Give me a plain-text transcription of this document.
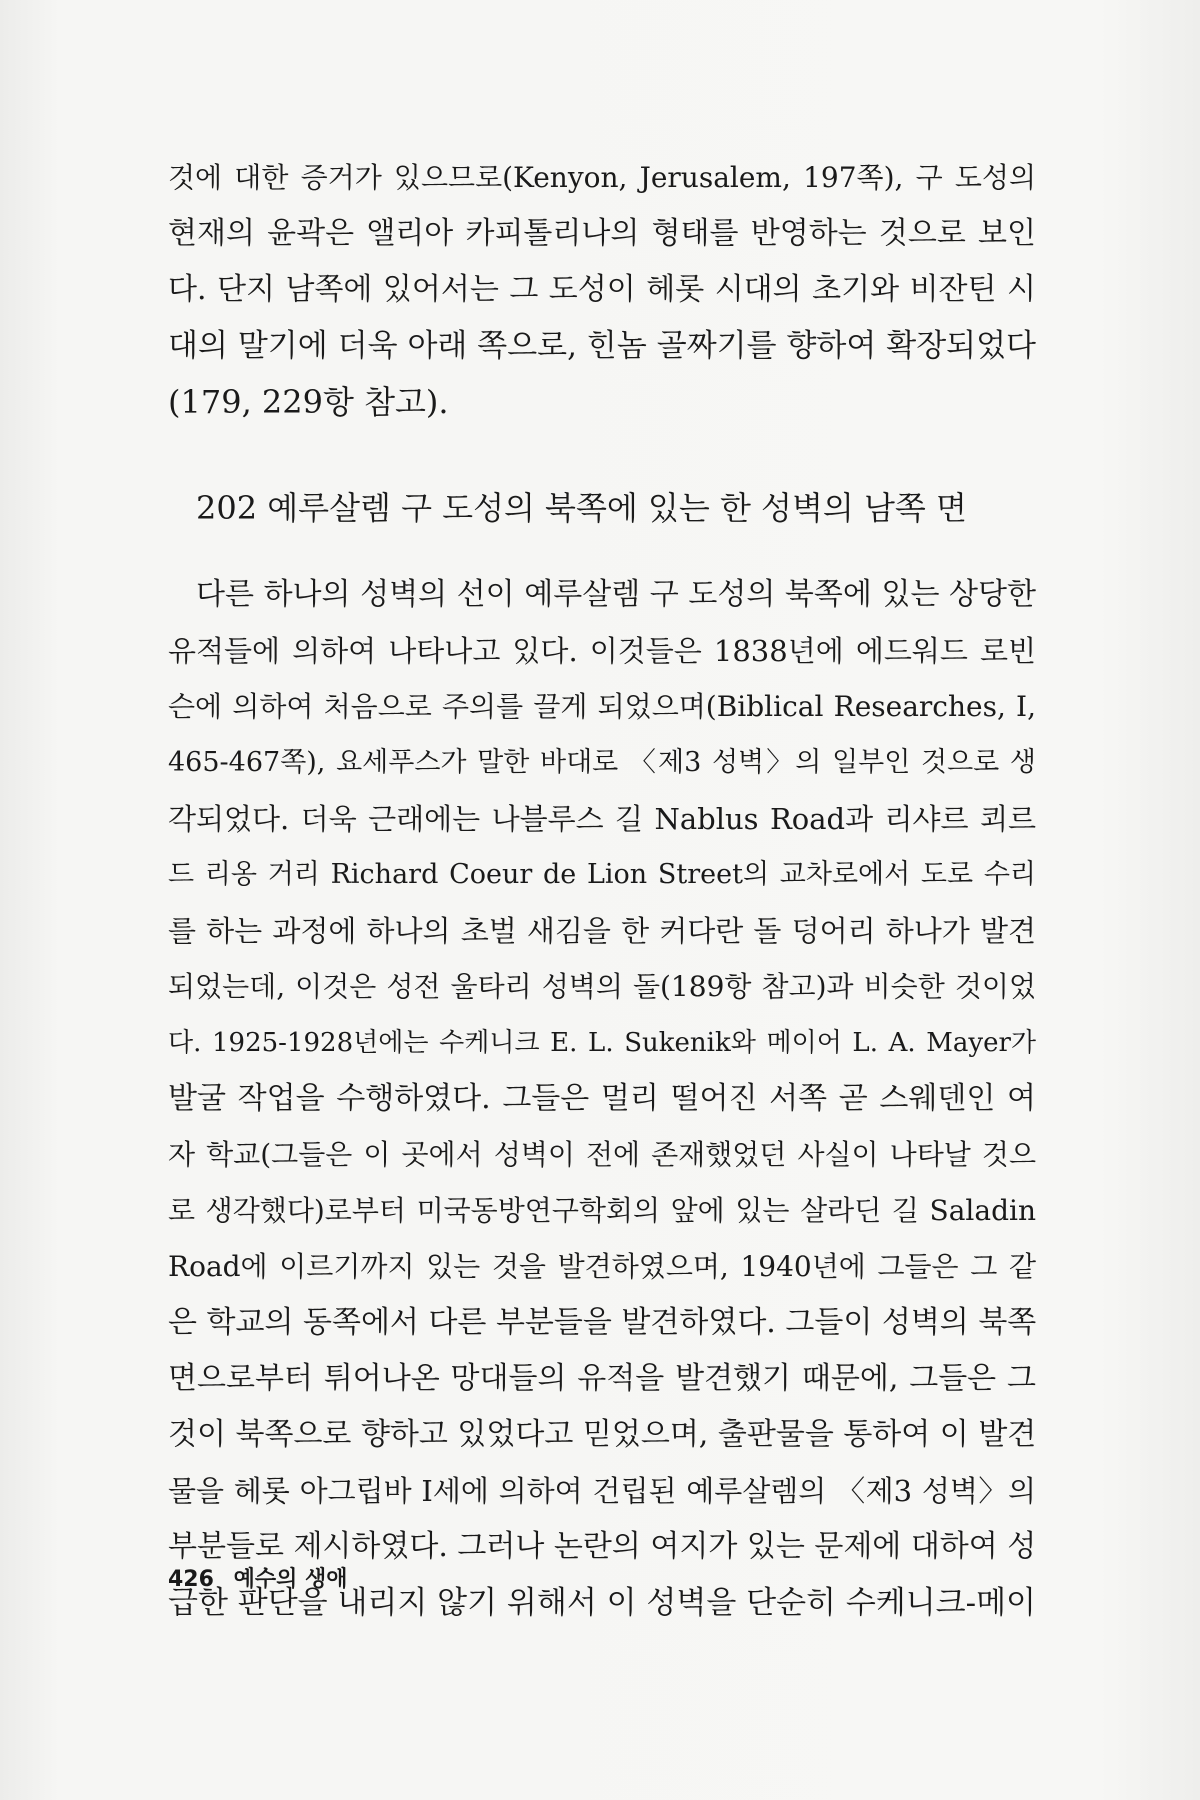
것에 대한 증거가 있으므로(Kenyon, Jerusalem, 197쪽), 구 도성의
현재의 윤곽은 앨리아 카피톨리나의 형태를 반영하는 것으로 보인
다. 단지 남쪽에 있어서는 그 도성이 헤롯 시대의 초기와 비잔틴 시
대의 말기에 더욱 아래 쪽으로, 힌놈 골짜기를 향하여 확장되었다
(179, 229항 참고).
202 예루살렘 구 도성의 북쪽에 있는 한 성벽의 남쪽 면
다른 하나의 성벽의 선이 예루살렘 구 도성의 북쪽에 있는 상당한
유적들에 의하여 나타나고 있다. 이것들은 1838년에 에드워드 로빈
슨에 의하여 처음으로 주의를 끌게 되었으며(Biblical Researches, I,
465-467쪽), 요세푸스가 말한 바대로 〈제3 성벽〉의 일부인 것으로 생
각되었다. 더욱 근래에는 나블루스 길 Nablus Road과 리샤르 쾨르
드 리옹 거리 Richard Coeur de Lion Street의 교차로에서 도로 수리
를 하는 과정에 하나의 초벌 새김을 한 커다란 돌 덩어리 하나가 발견
되었는데, 이것은 성전 울타리 성벽의 돌(189항 참고)과 비슷한 것이었
다. 1925-1928년에는 수케니크 E. L. Sukenik와 메이어 L. A. Mayer가
발굴 작업을 수행하였다. 그들은 멀리 떨어진 서쪽 곧 스웨덴인 여
자 학교(그들은 이 곳에서 성벽이 전에 존재했었던 사실이 나타날 것으
로 생각했다)로부터 미국동방연구학회의 앞에 있는 살라딘 길 Saladin
Road에 이르기까지 있는 것을 발견하였으며, 1940년에 그들은 그 같
은 학교의 동쪽에서 다른 부분들을 발견하였다. 그들이 성벽의 북쪽
면으로부터 튀어나온 망대들의 유적을 발견했기 때문에, 그들은 그
것이 북쪽으로 향하고 있었다고 믿었으며, 출판물을 통하여 이 발견
물을 헤롯 아그립바 I세에 의하여 건립된 예루살렘의 〈제3 성벽〉의
부분들로 제시하였다. 그러나 논란의 여지가 있는 문제에 대하여 성
급한 판단을 내리지 않기 위해서 이 성벽을 단순히 수케니크-메이
426 예수의 생애
